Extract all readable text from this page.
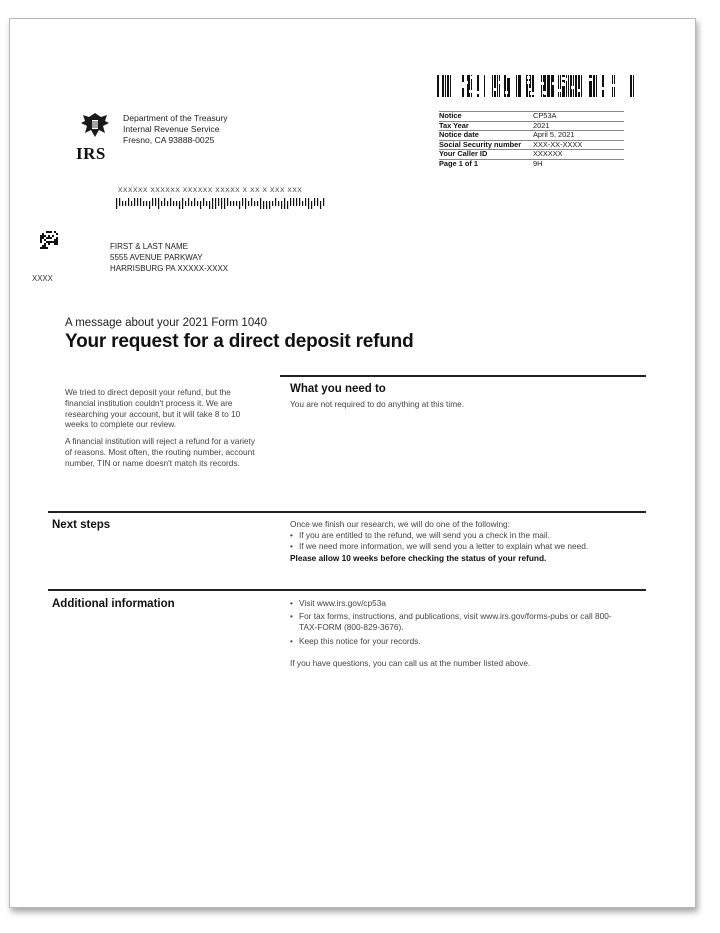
IRS
Department of the Treasury
Internal Revenue Service
Fresno, CA 93888-0025
Notice	CP53A
Tax Year	2021
Notice date	April 5, 2021
Social Security number	XXX-XX-XXXX
Your Caller ID	XXXXXX
Page 1 of 1	9H
XXXXXX XXXXXX XXXXXX XXXXX X XX X XXX XXX
XXXX
FIRST & LAST NAME
5555 AVENUE PARKWAY
HARRISBURG PA XXXXX-XXXX
A message about your 2021 Form 1040
Your request for a direct deposit refund

We tried to direct deposit your refund, but the financial institution couldn't process it. We are researching your account, but it will take 8 to 10 weeks to complete our review.

A financial institution will reject a refund for a variety of reasons. Most often, the routing number, account number, TIN or name doesn't match its records.

What you need to
You are not required to do anything at this time.
Next steps	Once we finish our research, we will do one of the following:
• If you are entitled to the refund, we will send you a check in the mail.
• If we need more information, we will send you a letter to explain what we need.
Please allow 10 weeks before checking the status of your refund.
Additional information	• Visit www.irs.gov/cp53a
• For tax forms, instructions, and publications, visit www.irs.gov/forms-pubs or call 800-TAX-FORM (800-829-3676).
• Keep this notice for your records.
If you have questions, you can call us at the number listed above.
